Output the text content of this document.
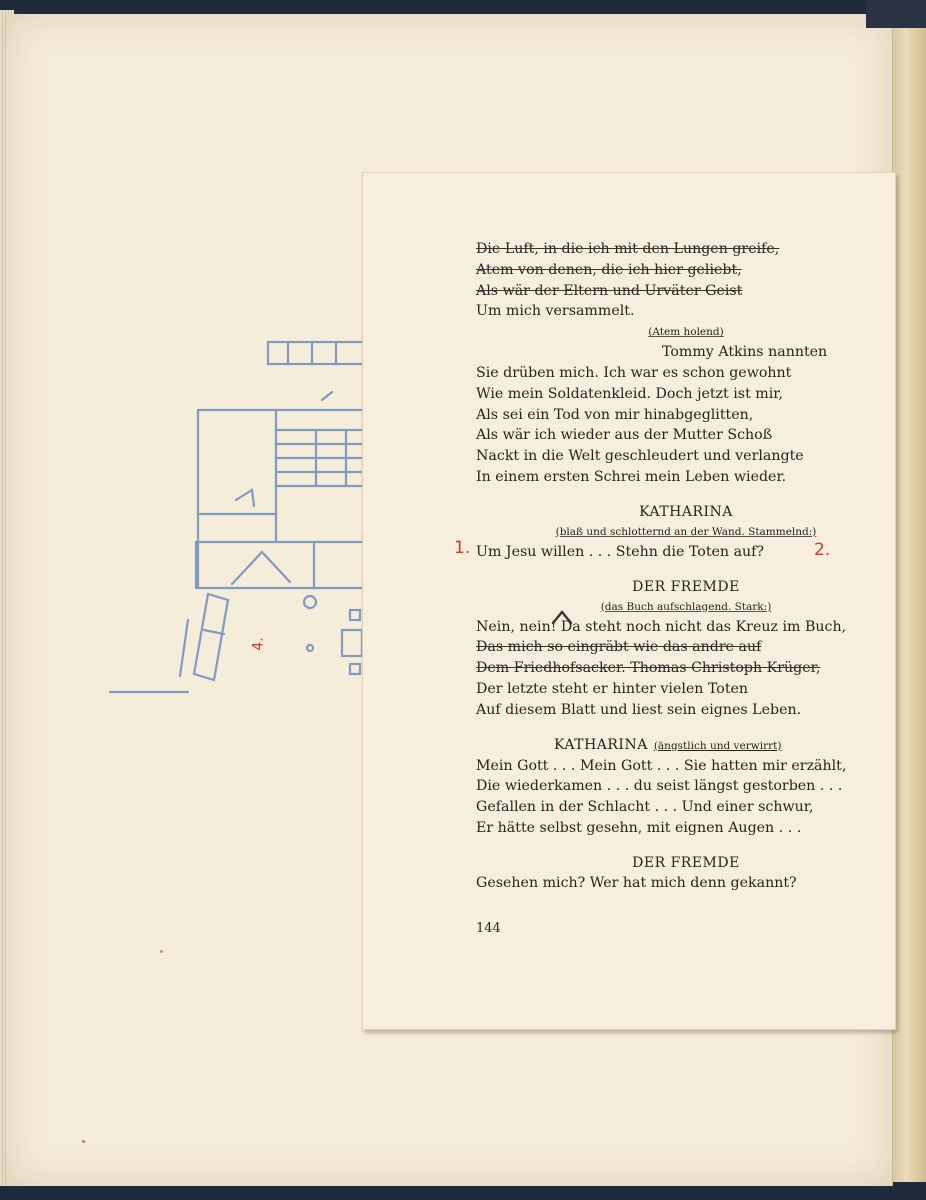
4.
Die Luft, in die ich mit den Lungen greife,
Atem von denen, die ich hier geliebt,
Als wär der Eltern und Urväter Geist
Um mich versammelt.
(Atem holend)
Tommy Atkins nannten
Sie drüben mich. Ich war es schon gewohnt
Wie mein Soldatenkleid. Doch jetzt ist mir,
Als sei ein Tod von mir hinabgeglitten,
Als wär ich wieder aus der Mutter Schoß
Nackt in die Welt geschleudert und verlangte
In einem ersten Schrei mein Leben wieder.
KATHARINA
(blaß und schlotternd an der Wand. Stammelnd:)
1. Um Jesu willen . . . Stehn die Toten auf?	2.
DER FREMDE
(das Buch aufschlagend. Stark:)
Nein, nein! Da steht noch nicht das Kreuz im Buch,
Das mich so eingräbt wie das andre auf
Dem Friedhofsacker. Thomas Christoph Krüger,
Der letzte steht er hinter vielen Toten
Auf diesem Blatt und liest sein eignes Leben.
KATHARINA (ängstlich und verwirrt)
Mein Gott . . . Mein Gott . . . Sie hatten mir erzählt,
Die wiederkamen . . . du seist längst gestorben . . .
Gefallen in der Schlacht . . . Und einer schwur,
Er hätte selbst gesehn, mit eignen Augen . . .
DER FREMDE
Gesehen mich? Wer hat mich denn gekannt?
144
